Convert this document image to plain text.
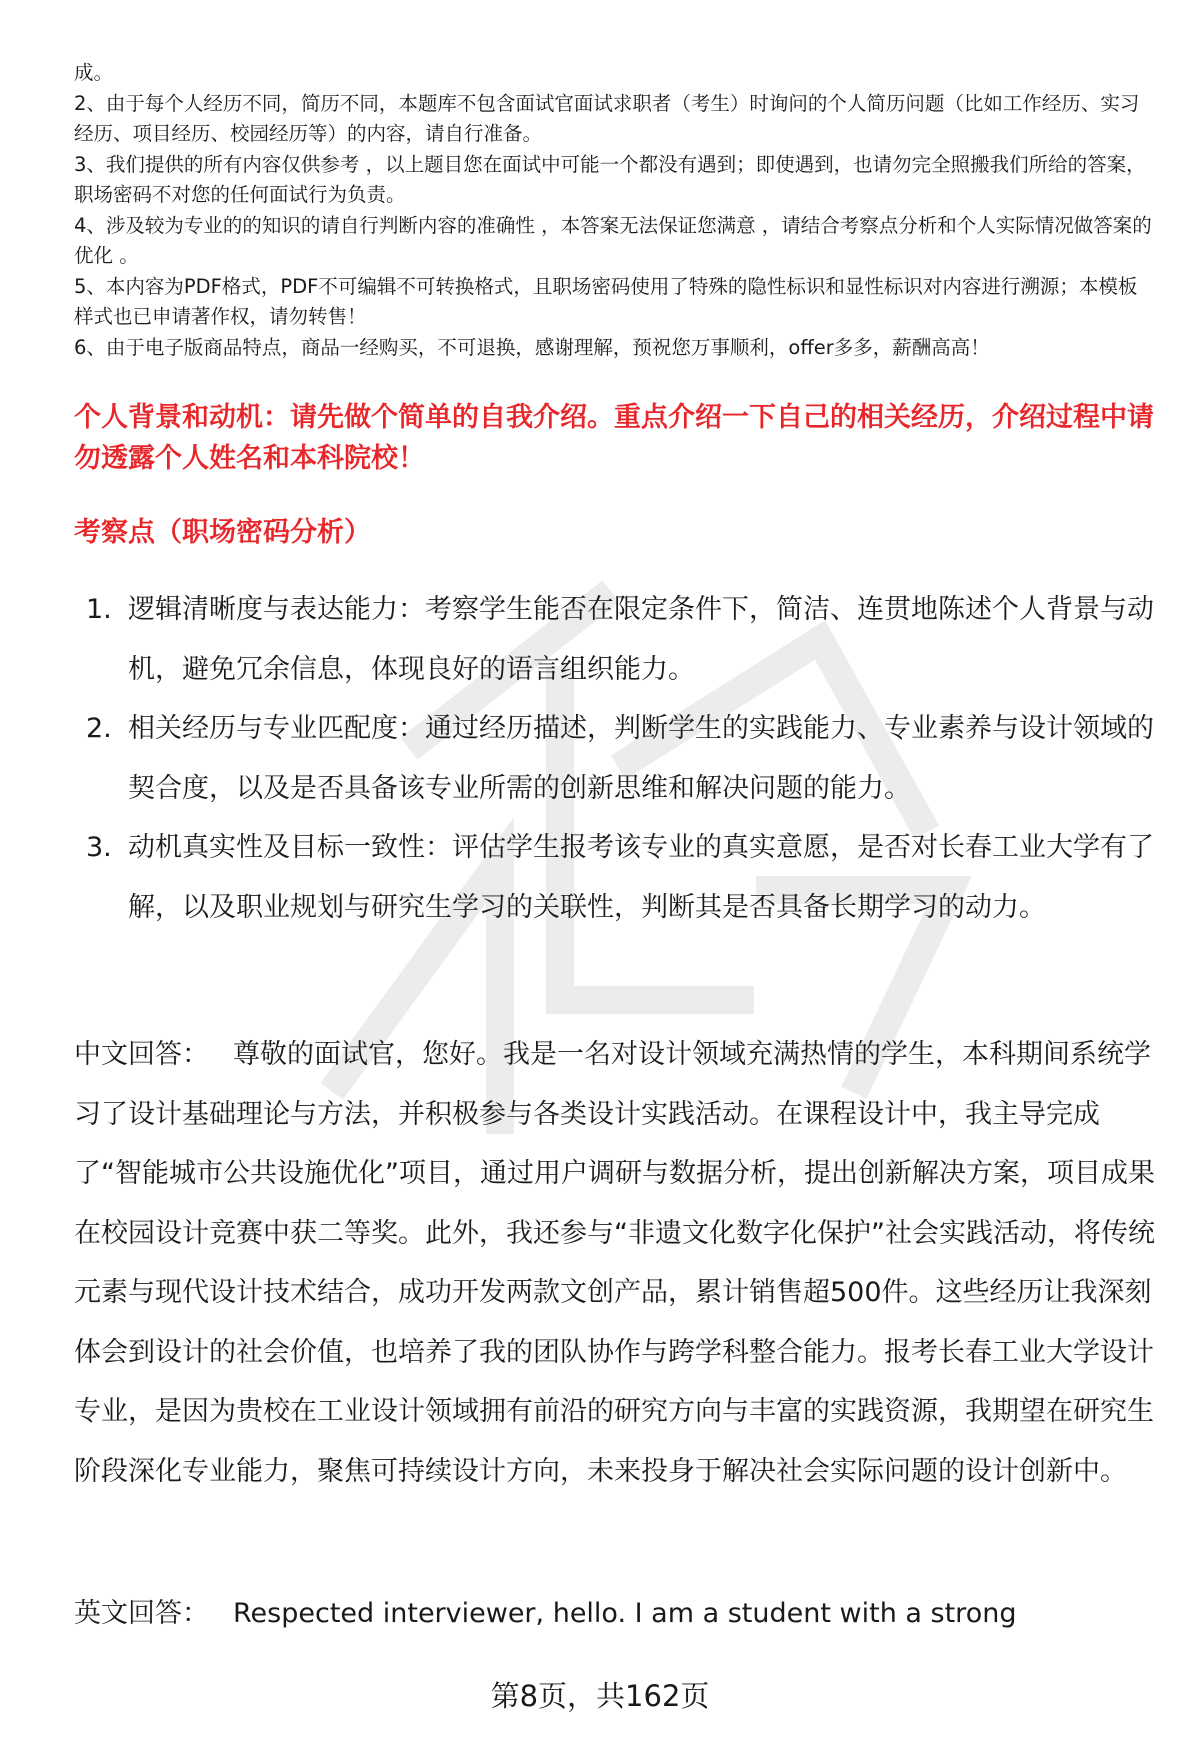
成。

2、由于每个人经历不同，简历不同，本题库不包含面试官面试求职者（考生）时询问的个人简历问题（比如工作经历、实习经历、项目经历、校园经历等）的内容，请自行准备。

3、我们提供的所有内容仅供参考 ，以上题目您在面试中可能一个都没有遇到；即使遇到，也请勿完全照搬我们所给的答案，职场密码不对您的任何面试行为负责。

4、涉及较为专业的的知识的请自行判断内容的准确性 ，本答案无法保证您满意 ，请结合考察点分析和个人实际情况做答案的优化 。

5、本内容为PDF格式，PDF不可编辑不可转换格式，且职场密码使用了特殊的隐性标识和显性标识对内容进行溯源；本模板样式也已申请著作权，请勿转售！

6、由于电子版商品特点，商品一经购买，不可退换，感谢理解，预祝您万事顺利，offer多多，薪酬高高！

个人背景和动机：请先做个简单的自我介绍。重点介绍一下自己的相关经历，介绍过程中请勿透露个人姓名和本科院校！
考察点（职场密码分析）
1. 逻辑清晰度与表达能力：考察学生能否在限定条件下，简洁、连贯地陈述个人背景与动机，避免冗余信息，体现良好的语言组织能力。
2. 相关经历与专业匹配度：通过经历描述，判断学生的实践能力、专业素养与设计领域的契合度，以及是否具备该专业所需的创新思维和解决问题的能力。
3. 动机真实性及目标一致性：评估学生报考该专业的真实意愿，是否对长春工业大学有了解，以及职业规划与研究生学习的关联性，判断其是否具备长期学习的动力。

中文回答： 尊敬的面试官，您好。我是一名对设计领域充满热情的学生，本科期间系统学习了设计基础理论与方法，并积极参与各类设计实践活动。在课程设计中，我主导完成了“智能城市公共设施优化”项目，通过用户调研与数据分析，提出创新解决方案，项目成果在校园设计竞赛中获二等奖。此外，我还参与“非遗文化数字化保护”社会实践活动，将传统元素与现代设计技术结合，成功开发两款文创产品，累计销售超500件。这些经历让我深刻体会到设计的社会价值，也培养了我的团队协作与跨学科整合能力。报考长春工业大学设计专业，是因为贵校在工业设计领域拥有前沿的研究方向与丰富的实践资源，我期望在研究生阶段深化专业能力，聚焦可持续设计方向，未来投身于解决社会实际问题的设计创新中。

英文回答： Respected interviewer, hello. I am a student with a strong

第8页，共162页
